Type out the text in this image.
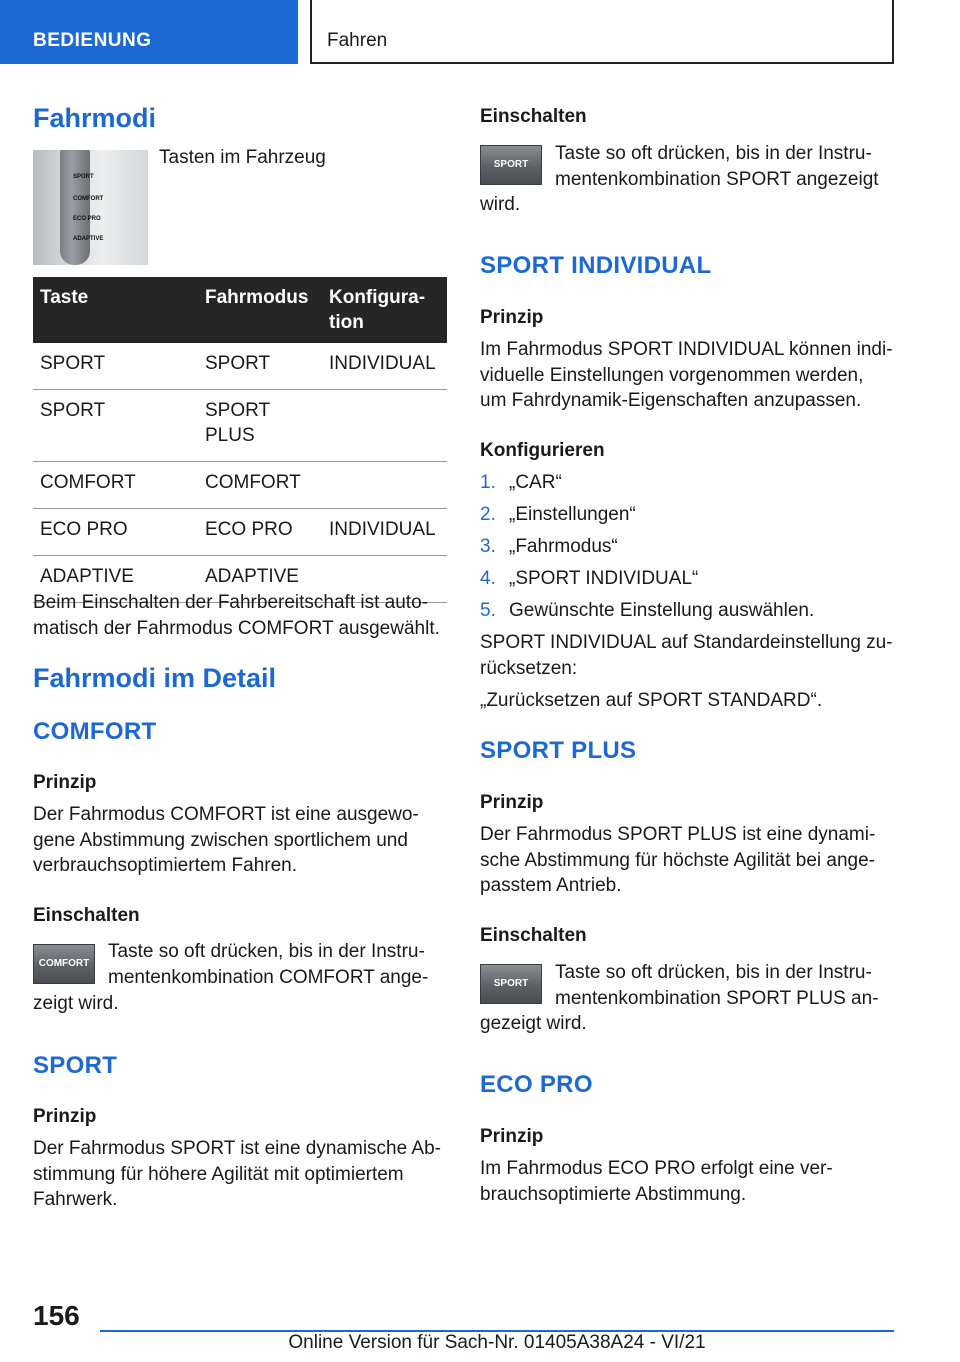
BEDIENUNG	Fahren
Fahrmodi
SPORT
COMFORT
ECO PRO
ADAPTIVE

Tasten im Fahrzeug

Taste	Fahrmodus	Konfigura-
tion
SPORT	SPORT	INDIVIDUAL
SPORT	SPORT
PLUS	
COMFORT	COMFORT	
ECO PRO	ECO PRO	INDIVIDUAL
ADAPTIVE	ADAPTIVE	

Beim Einschalten der Fahrbereitschaft ist auto-
matisch der Fahrmodus COMFORT ausgewählt.

Fahrmodi im Detail
COMFORT
Prinzip

Der Fahrmodus COMFORT ist eine ausgewo-
gene Abstimmung zwischen sportlichem und
verbrauchsoptimiertem Fahren.

Einschalten
COMFORT

Taste so oft drücken, bis in der Instru-
mentenkombination COMFORT ange-

zeigt wird.

SPORT
Prinzip

Der Fahrmodus SPORT ist eine dynamische Ab-
stimmung für höhere Agilität mit optimiertem
Fahrwerk.

Einschalten
SPORT

Taste so oft drücken, bis in der Instru-
mentenkombination SPORT angezeigt

wird.

SPORT INDIVIDUAL
Prinzip

Im Fahrmodus SPORT INDIVIDUAL können indi-
viduelle Einstellungen vorgenommen werden,
um Fahrdynamik-Eigenschaften anzupassen.

Konfigurieren
1. „CAR“
2. „Einstellungen“
3. „Fahrmodus“
4. „SPORT INDIVIDUAL“
5. Gewünschte Einstellung auswählen.

SPORT INDIVIDUAL auf Standardeinstellung zu-
rücksetzen:

„Zurücksetzen auf SPORT STANDARD“.

SPORT PLUS
Prinzip

Der Fahrmodus SPORT PLUS ist eine dynami-
sche Abstimmung für höchste Agilität bei ange-
passtem Antrieb.

Einschalten
SPORT

Taste so oft drücken, bis in der Instru-
mentenkombination SPORT PLUS an-

gezeigt wird.

ECO PRO
Prinzip

Im Fahrmodus ECO PRO erfolgt eine ver-
brauchsoptimierte Abstimmung.

156
Online Version für Sach-Nr. 01405A38A24 - VI/21
